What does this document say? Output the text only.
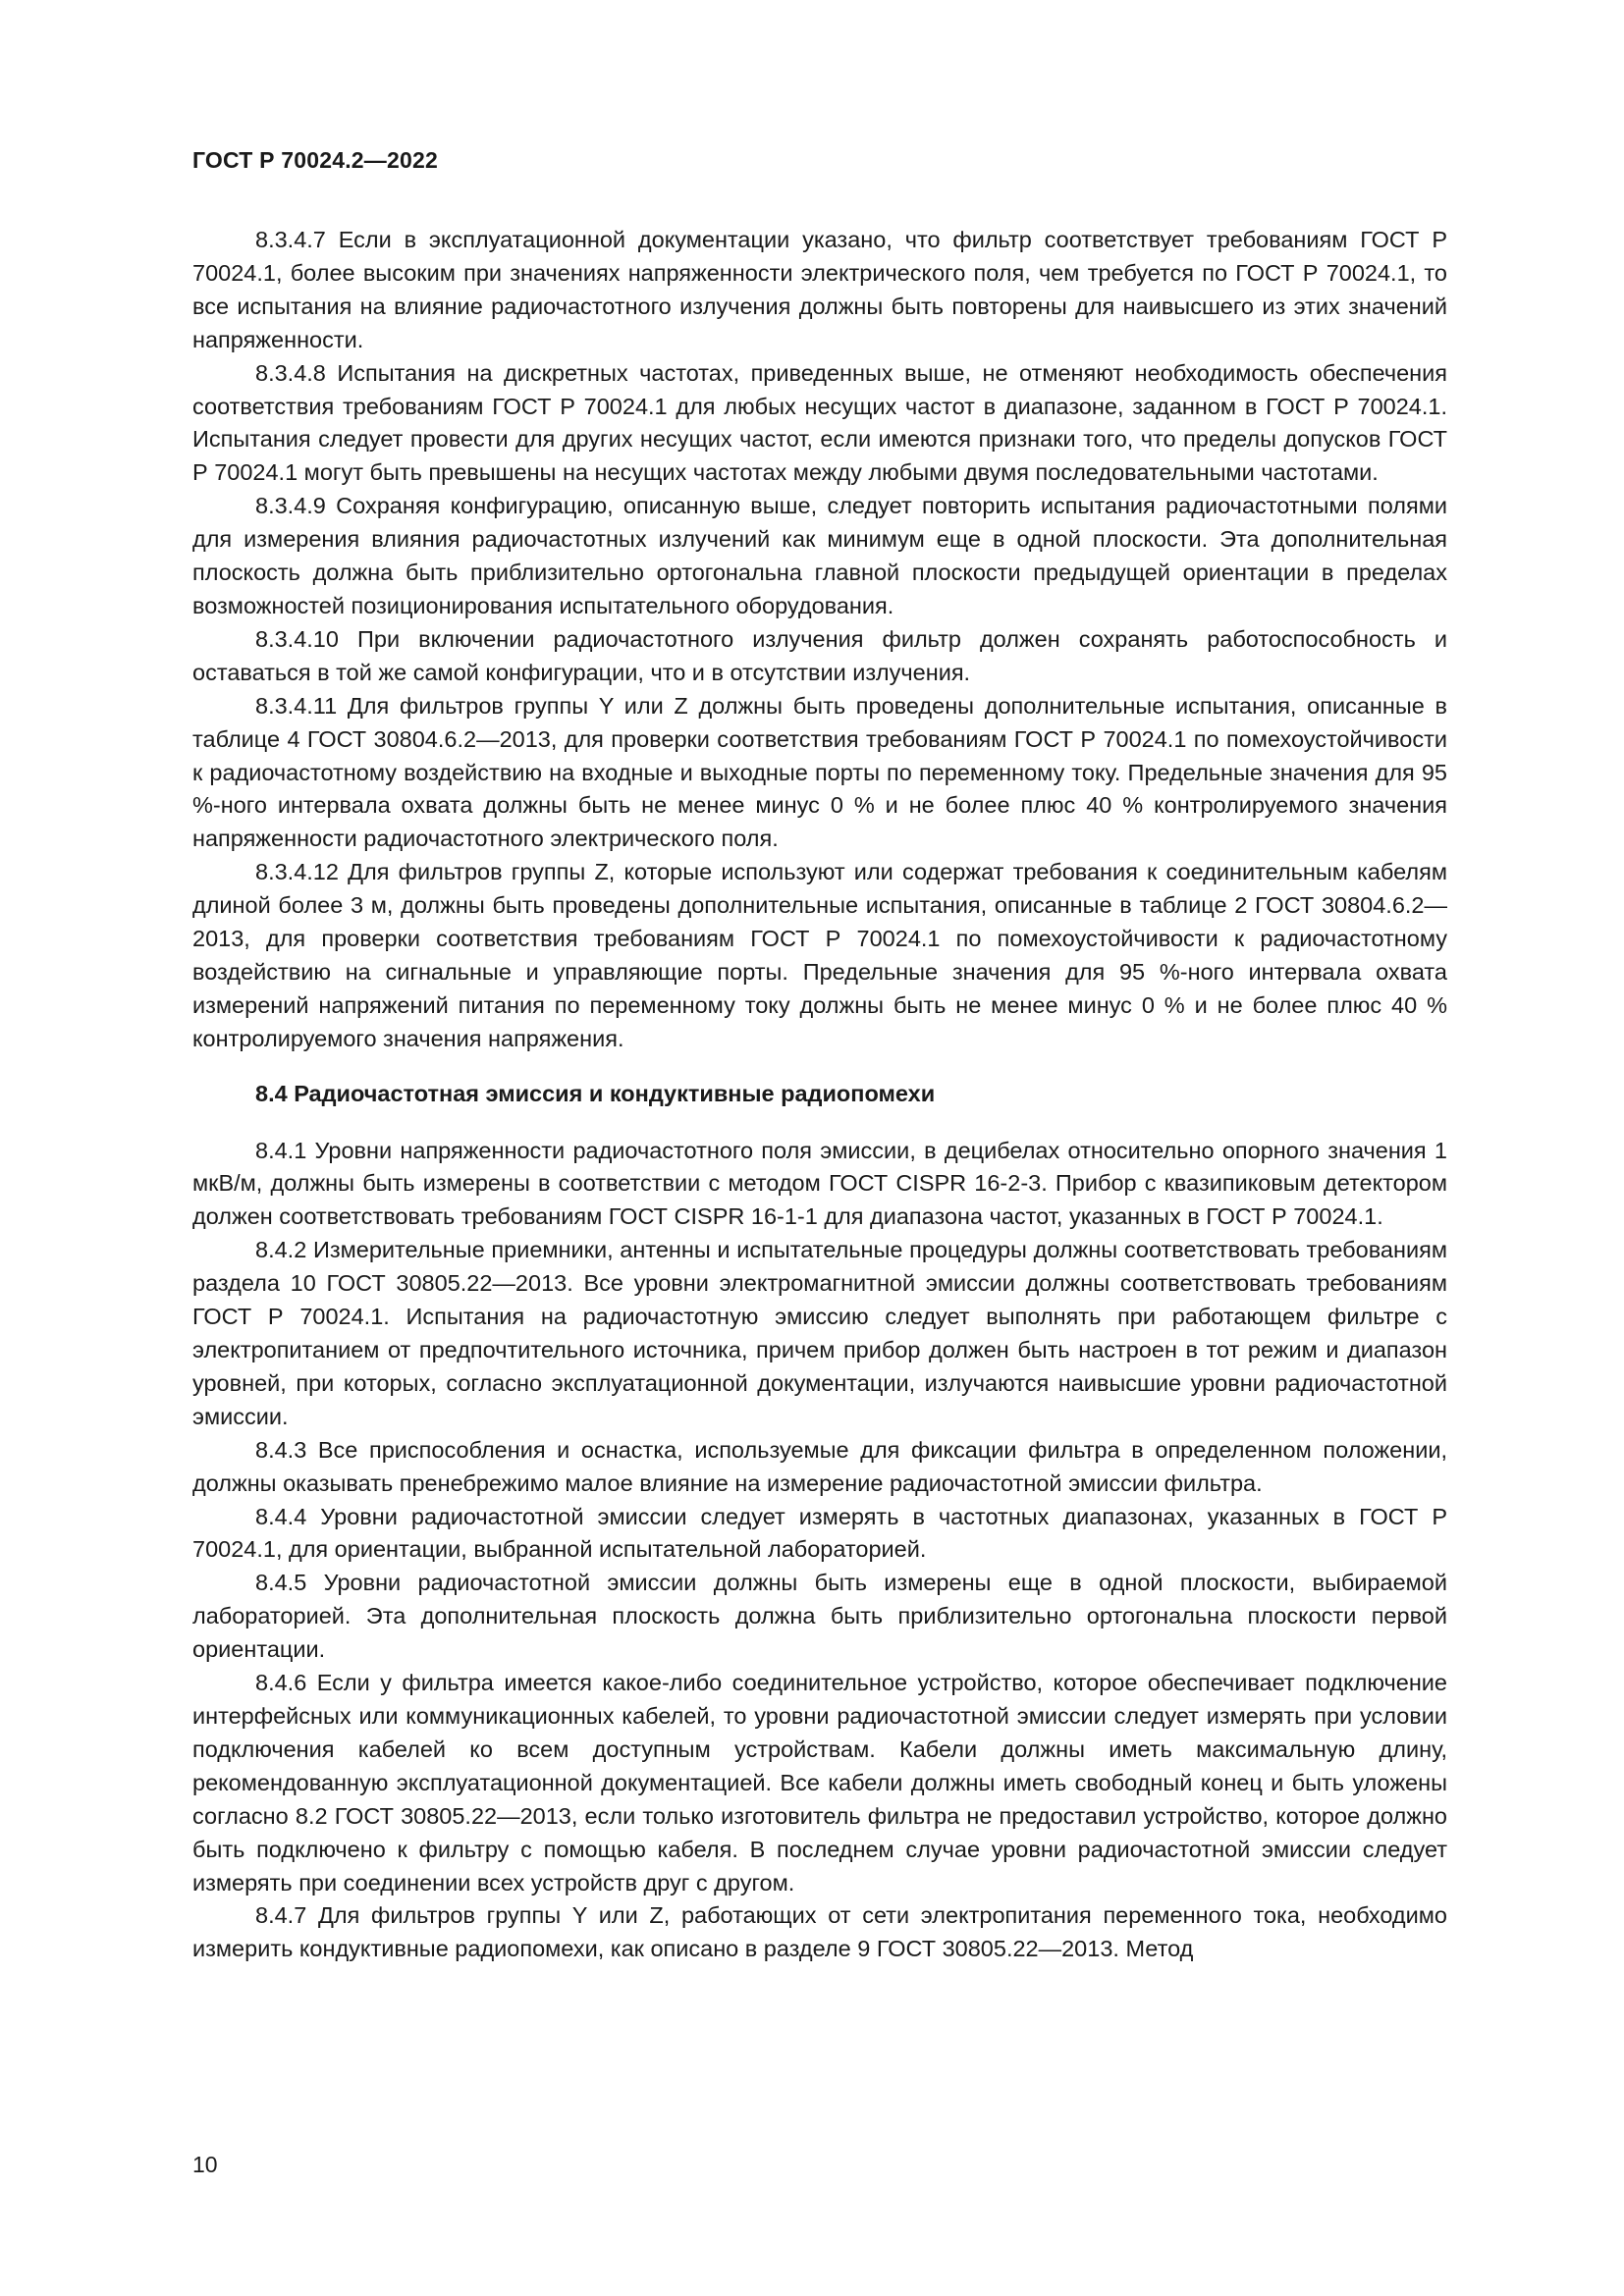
ГОСТ Р 70024.2—2022

8.3.4.7 Если в эксплуатационной документации указано, что фильтр соответствует требованиям ГОСТ Р 70024.1, более высоким при значениях напряженности электрического поля, чем требуется по ГОСТ Р 70024.1, то все испытания на влияние радиочастотного излучения должны быть повторены для наивысшего из этих значений напряженности.

8.3.4.8 Испытания на дискретных частотах, приведенных выше, не отменяют необходимость обеспечения соответствия требованиям ГОСТ Р 70024.1 для любых несущих частот в диапазоне, заданном в ГОСТ Р 70024.1. Испытания следует провести для других несущих частот, если имеются признаки того, что пределы допусков ГОСТ Р 70024.1 могут быть превышены на несущих частотах между любыми двумя последовательными частотами.

8.3.4.9 Сохраняя конфигурацию, описанную выше, следует повторить испытания радиочастотными полями для измерения влияния радиочастотных излучений как минимум еще в одной плоскости. Эта дополнительная плоскость должна быть приблизительно ортогональна главной плоскости предыдущей ориентации в пределах возможностей позиционирования испытательного оборудования.

8.3.4.10 При включении радиочастотного излучения фильтр должен сохранять работоспособность и оставаться в той же самой конфигурации, что и в отсутствии излучения.

8.3.4.11 Для фильтров группы Y или Z должны быть проведены дополнительные испытания, описанные в таблице 4 ГОСТ 30804.6.2—2013, для проверки соответствия требованиям ГОСТ Р 70024.1 по помехоустойчивости к радиочастотному воздействию на входные и выходные порты по переменному току. Предельные значения для 95 %-ного интервала охвата должны быть не менее минус 0 % и не более плюс 40 % контролируемого значения напряженности радиочастотного электрического поля.

8.3.4.12 Для фильтров группы Z, которые используют или содержат требования к соединительным кабелям длиной более 3 м, должны быть проведены дополнительные испытания, описанные в таблице 2 ГОСТ 30804.6.2—2013, для проверки соответствия требованиям ГОСТ Р 70024.1 по помехоустойчивости к радиочастотному воздействию на сигнальные и управляющие порты. Предельные значения для 95 %-ного интервала охвата измерений напряжений питания по переменному току должны быть не менее минус 0 % и не более плюс 40 % контролируемого значения напряжения.

8.4 Радиочастотная эмиссия и кондуктивные радиопомехи

8.4.1 Уровни напряженности радиочастотного поля эмиссии, в децибелах относительно опорного значения 1 мкВ/м, должны быть измерены в соответствии с методом ГОСТ CISPR 16-2-3. Прибор с квазипиковым детектором должен соответствовать требованиям ГОСТ CISPR 16-1-1 для диапазона частот, указанных в ГОСТ Р 70024.1.

8.4.2 Измерительные приемники, антенны и испытательные процедуры должны соответствовать требованиям раздела 10 ГОСТ 30805.22—2013. Все уровни электромагнитной эмиссии должны соответствовать требованиям ГОСТ Р 70024.1. Испытания на радиочастотную эмиссию следует выполнять при работающем фильтре с электропитанием от предпочтительного источника, причем прибор должен быть настроен в тот режим и диапазон уровней, при которых, согласно эксплуатационной документации, излучаются наивысшие уровни радиочастотной эмиссии.

8.4.3 Все приспособления и оснастка, используемые для фиксации фильтра в определенном положении, должны оказывать пренебрежимо малое влияние на измерение радиочастотной эмиссии фильтра.

8.4.4 Уровни радиочастотной эмиссии следует измерять в частотных диапазонах, указанных в ГОСТ Р 70024.1, для ориентации, выбранной испытательной лабораторией.

8.4.5 Уровни радиочастотной эмиссии должны быть измерены еще в одной плоскости, выбираемой лабораторией. Эта дополнительная плоскость должна быть приблизительно ортогональна плоскости первой ориентации.

8.4.6 Если у фильтра имеется какое-либо соединительное устройство, которое обеспечивает подключение интерфейсных или коммуникационных кабелей, то уровни радиочастотной эмиссии следует измерять при условии подключения кабелей ко всем доступным устройствам. Кабели должны иметь максимальную длину, рекомендованную эксплуатационной документацией. Все кабели должны иметь свободный конец и быть уложены согласно 8.2 ГОСТ 30805.22—2013, если только изготовитель фильтра не предоставил устройство, которое должно быть подключено к фильтру с помощью кабеля. В последнем случае уровни радиочастотной эмиссии следует измерять при соединении всех устройств друг с другом.

8.4.7 Для фильтров группы Y или Z, работающих от сети электропитания переменного тока, необходимо измерить кондуктивные радиопомехи, как описано в разделе 9 ГОСТ 30805.22—2013. Метод

10
